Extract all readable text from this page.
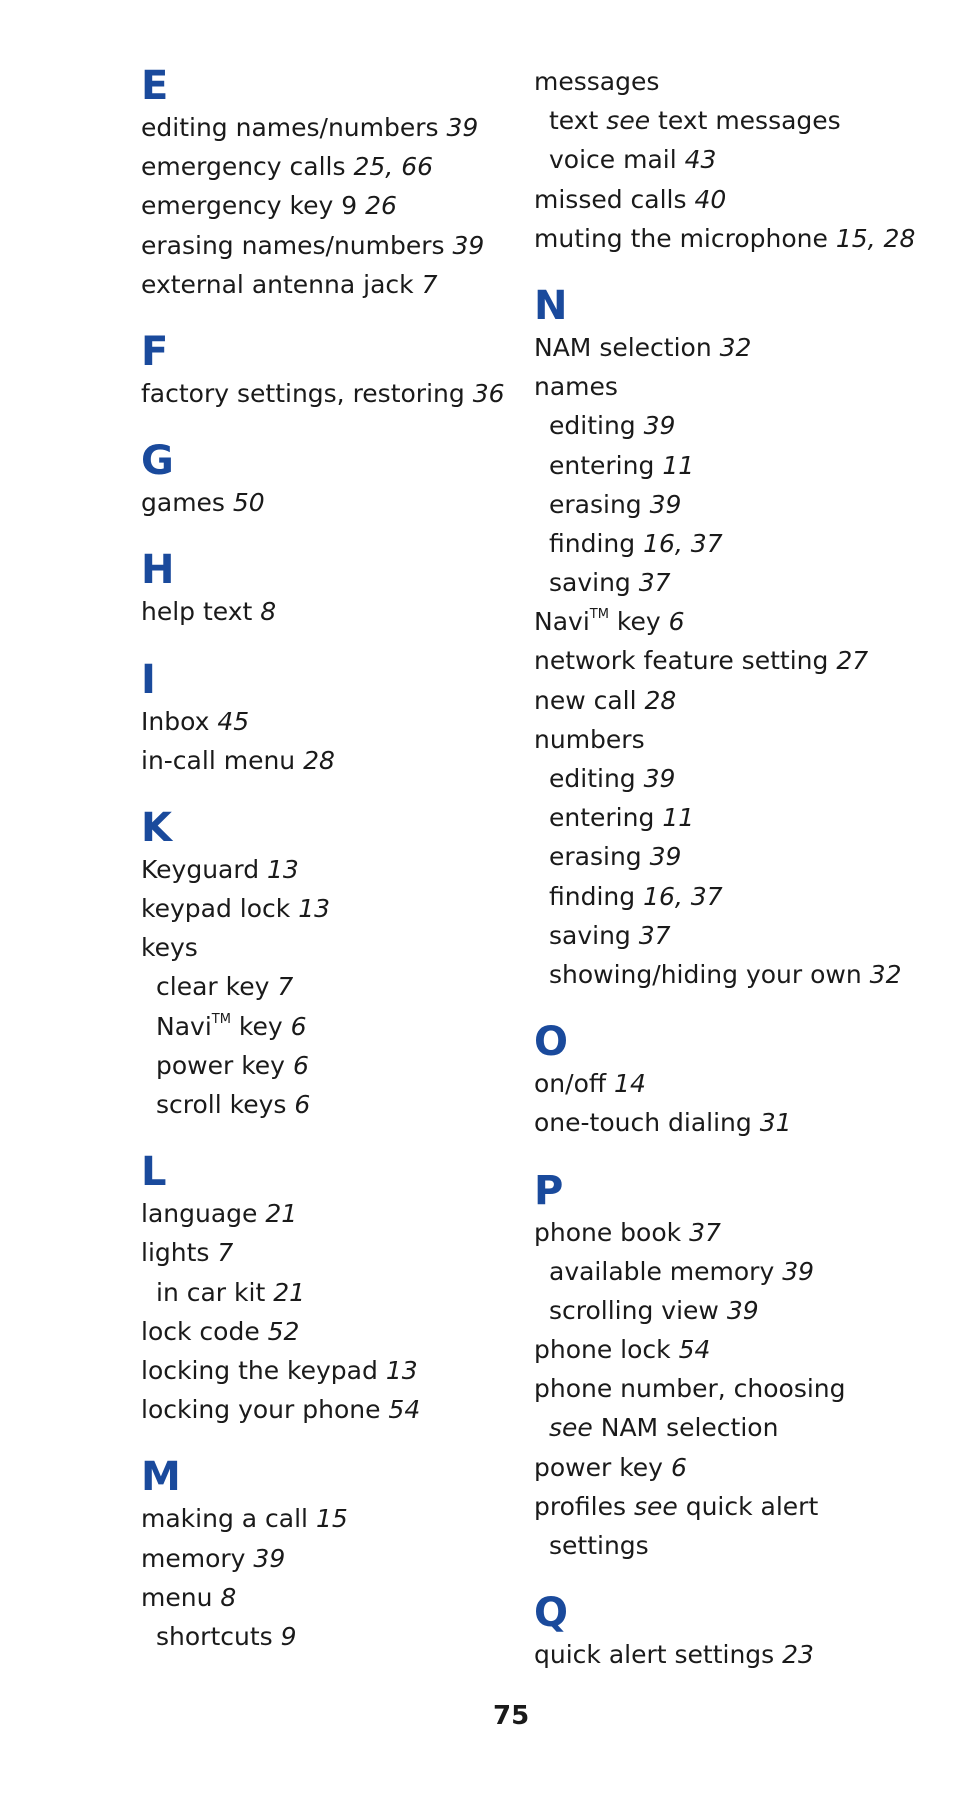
E
editing names/numbers 39
emergency calls 25, 66
emergency key 9 26
erasing names/numbers 39
external antenna jack 7
F
factory settings, restoring 36
G
games 50
H
help text 8
I
Inbox 45
in-call menu 28
K
Keyguard 13
keypad lock 13
keys
clear key 7
Navi™ key 6
power key 6
scroll keys 6
L
language 21
lights 7
in car kit 21
lock code 52
locking the keypad 13
locking your phone 54
M
making a call 15
memory 39
menu 8
shortcuts 9
messages
text see text messages
voice mail 43
missed calls 40
muting the microphone 15, 28
N
NAM selection 32
names
editing 39
entering 11
erasing 39
finding 16, 37
saving 37
Navi™ key 6
network feature setting 27
new call 28
numbers
editing 39
entering 11
erasing 39
finding 16, 37
saving 37
showing/hiding your own 32
O
on/off 14
one-touch dialing 31
P
phone book 37
available memory 39
scrolling view 39
phone lock 54
phone number, choosing
see NAM selection
power key 6
profiles see quick alert
settings
Q
quick alert settings 23
75
